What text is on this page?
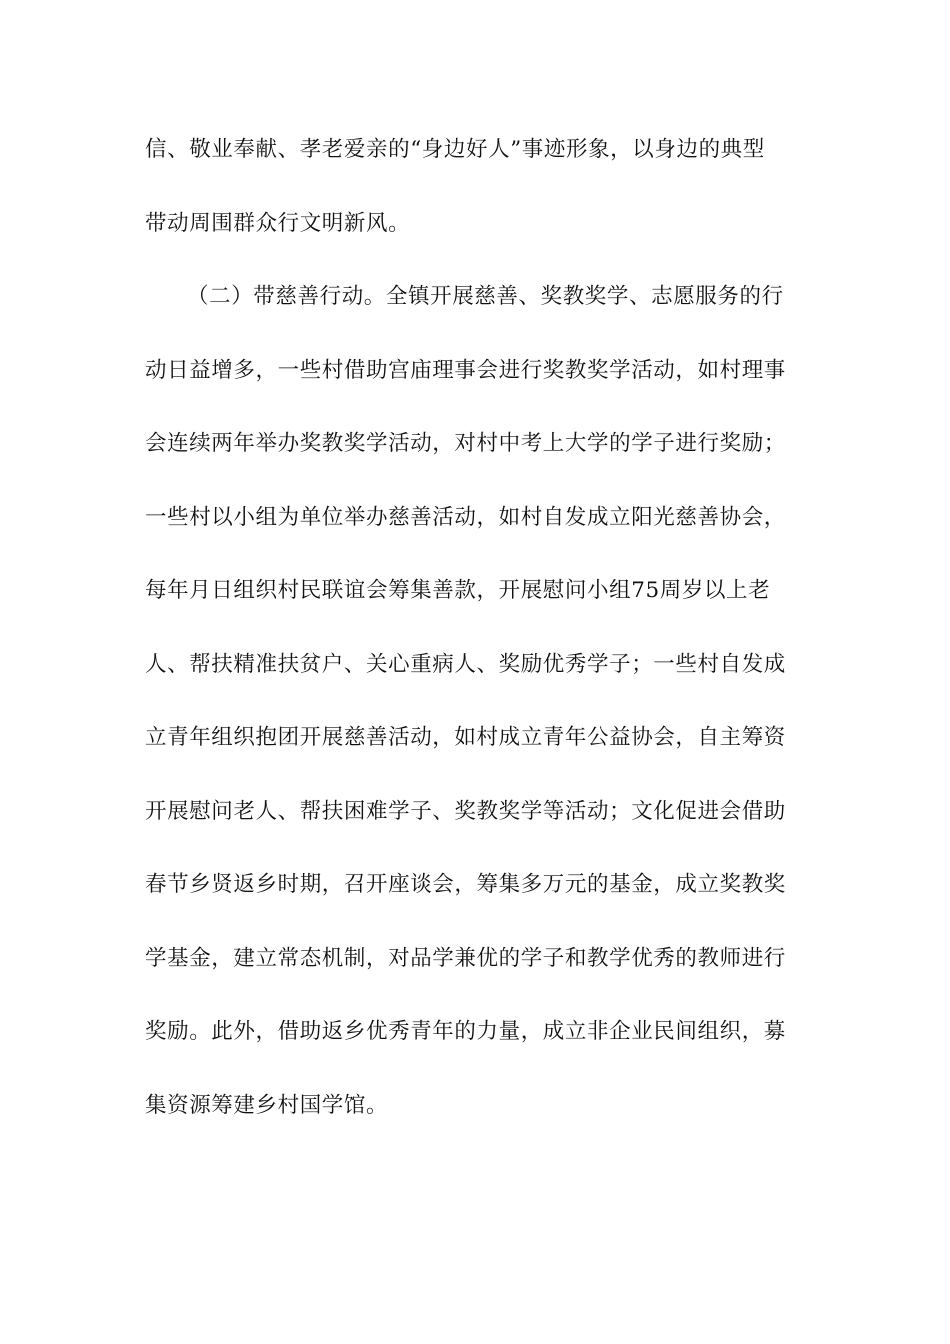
信、敬业奉献、孝老爱亲的“身边好人”事迹形象，以身边的典型
带动周围群众行文明新风。
（二）带慈善行动。全镇开展慈善、奖教奖学、志愿服务的行
动日益增多，一些村借助宫庙理事会进行奖教奖学活动，如村理事
会连续两年举办奖教奖学活动，对村中考上大学的学子进行奖励；
一些村以小组为单位举办慈善活动，如村自发成立阳光慈善协会，
每年月日组织村民联谊会筹集善款，开展慰问小组75周岁以上老
人、帮扶精准扶贫户、关心重病人、奖励优秀学子；一些村自发成
立青年组织抱团开展慈善活动，如村成立青年公益协会，自主筹资
开展慰问老人、帮扶困难学子、奖教奖学等活动；文化促进会借助
春节乡贤返乡时期，召开座谈会，筹集多万元的基金，成立奖教奖
学基金，建立常态机制，对品学兼优的学子和教学优秀的教师进行
奖励。此外，借助返乡优秀青年的力量，成立非企业民间组织，募
集资源筹建乡村国学馆。
